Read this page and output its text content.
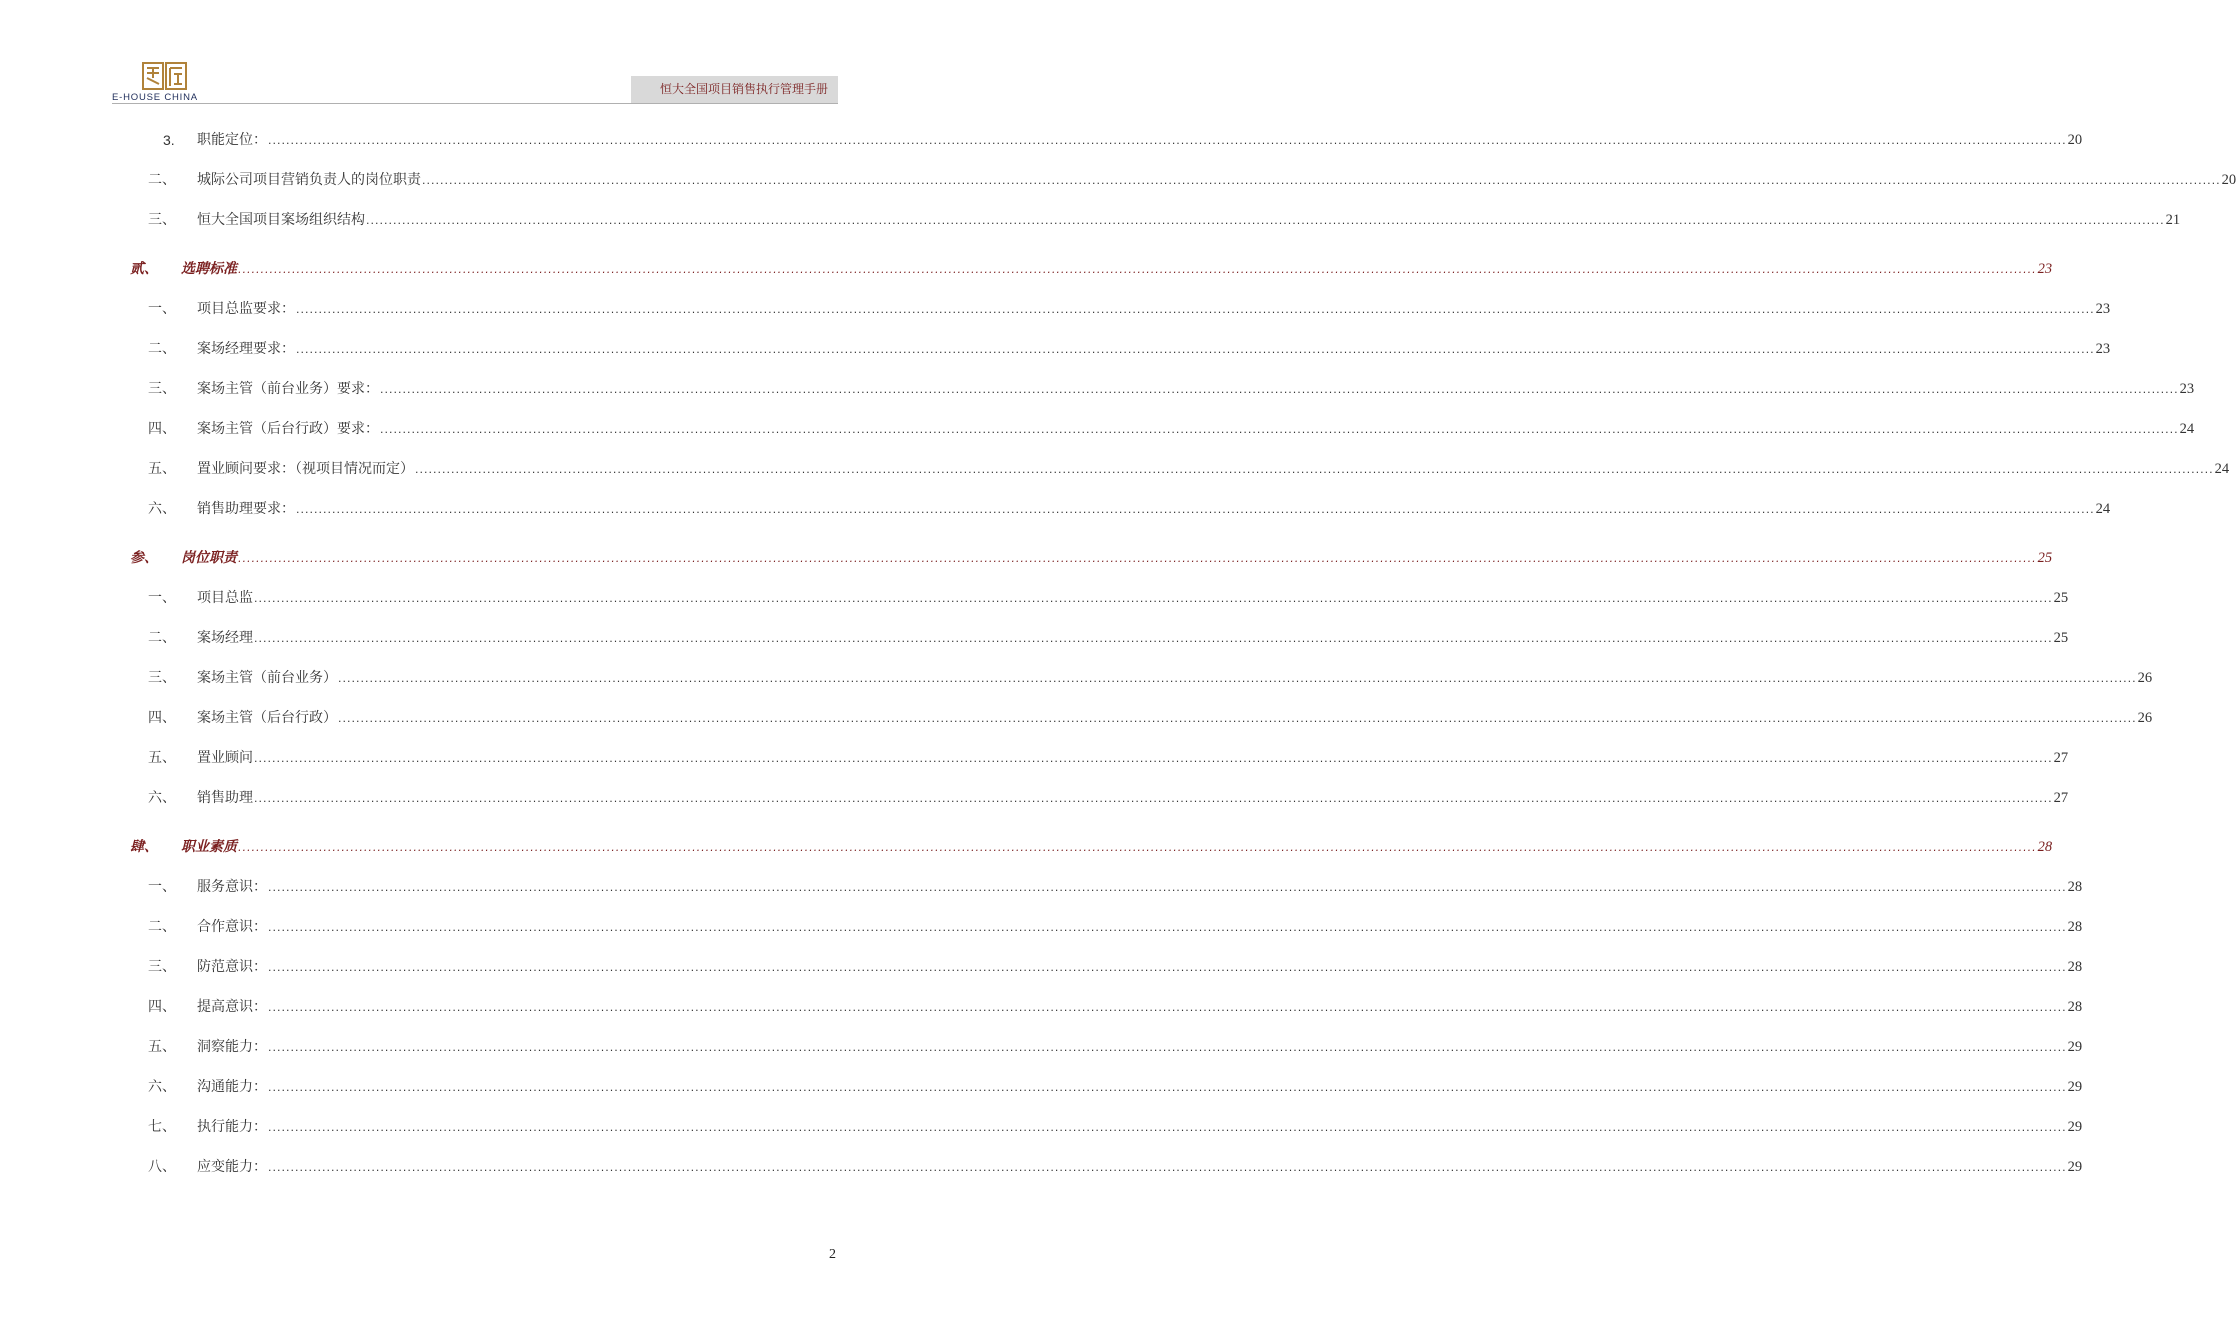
E-HOUSE CHINA
恒大全国项目销售执行管理手册
3. 职能定位： ................................................................................................................................................................................................................................................................................................................................................................................................................ 20
二、 城际公司项目营销负责人的岗位职责 ................................................................................................................................................................................................................................................................................................................................................................................................................ 20
三、 恒大全国项目案场组织结构 ................................................................................................................................................................................................................................................................................................................................................................................................................ 21
贰、 选聘标准 ................................................................................................................................................................................................................................................................................................................................................................................................................ 23
一、 项目总监要求： ................................................................................................................................................................................................................................................................................................................................................................................................................ 23
二、 案场经理要求： ................................................................................................................................................................................................................................................................................................................................................................................................................ 23
三、 案场主管（前台业务）要求： ................................................................................................................................................................................................................................................................................................................................................................................................................ 23
四、 案场主管（后台行政）要求： ................................................................................................................................................................................................................................................................................................................................................................................................................ 24
五、 置业顾问要求：（视项目情况而定） ................................................................................................................................................................................................................................................................................................................................................................................................................ 24
六、 销售助理要求： ................................................................................................................................................................................................................................................................................................................................................................................................................ 24
参、 岗位职责 ................................................................................................................................................................................................................................................................................................................................................................................................................ 25
一、 项目总监 ................................................................................................................................................................................................................................................................................................................................................................................................................ 25
二、 案场经理 ................................................................................................................................................................................................................................................................................................................................................................................................................ 25
三、 案场主管（前台业务） ................................................................................................................................................................................................................................................................................................................................................................................................................ 26
四、 案场主管（后台行政） ................................................................................................................................................................................................................................................................................................................................................................................................................ 26
五、 置业顾问 ................................................................................................................................................................................................................................................................................................................................................................................................................ 27
六、 销售助理 ................................................................................................................................................................................................................................................................................................................................................................................................................ 27
肆、 职业素质 ................................................................................................................................................................................................................................................................................................................................................................................................................ 28
一、 服务意识： ................................................................................................................................................................................................................................................................................................................................................................................................................ 28
二、 合作意识： ................................................................................................................................................................................................................................................................................................................................................................................................................ 28
三、 防范意识： ................................................................................................................................................................................................................................................................................................................................................................................................................ 28
四、 提高意识： ................................................................................................................................................................................................................................................................................................................................................................................................................ 28
五、 洞察能力： ................................................................................................................................................................................................................................................................................................................................................................................................................ 29
六、 沟通能力： ................................................................................................................................................................................................................................................................................................................................................................................................................ 29
七、 执行能力： ................................................................................................................................................................................................................................................................................................................................................................................................................ 29
八、 应变能力： ................................................................................................................................................................................................................................................................................................................................................................................................................ 29
2
